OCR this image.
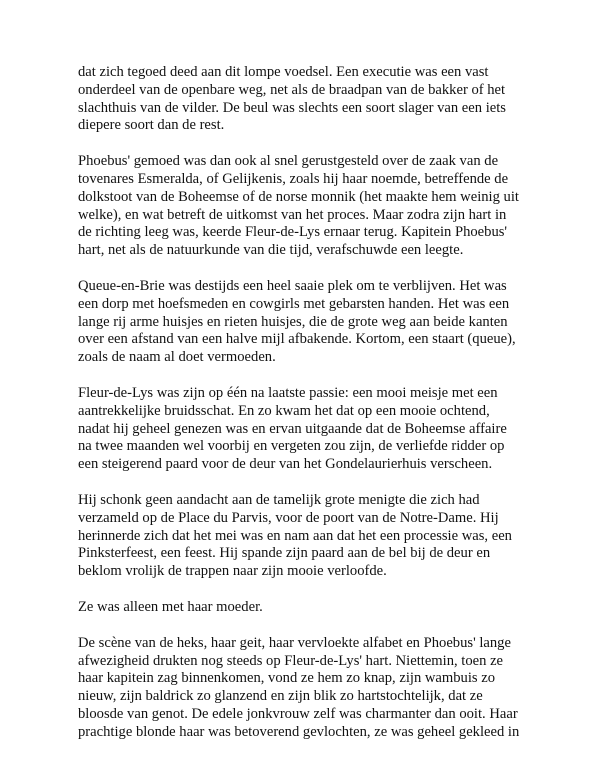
dat zich tegoed deed aan dit lompe voedsel. Een executie was een vast
onderdeel van de openbare weg, net als de braadpan van de bakker of het
slachthuis van de vilder. De beul was slechts een soort slager van een iets
diepere soort dan de rest.

Phoebus' gemoed was dan ook al snel gerustgesteld over de zaak van de
tovenares Esmeralda, of Gelijkenis, zoals hij haar noemde, betreffende de
dolkstoot van de Boheemse of de norse monnik (het maakte hem weinig uit
welke), en wat betreft de uitkomst van het proces. Maar zodra zijn hart in
de richting leeg was, keerde Fleur-de-Lys ernaar terug. Kapitein Phoebus'
hart, net als de natuurkunde van die tijd, verafschuwde een leegte.

Queue-en-Brie was destijds een heel saaie plek om te verblijven. Het was
een dorp met hoefsmeden en cowgirls met gebarsten handen. Het was een
lange rij arme huisjes en rieten huisjes, die de grote weg aan beide kanten
over een afstand van een halve mijl afbakende. Kortom, een staart (queue),
zoals de naam al doet vermoeden.

Fleur-de-Lys was zijn op één na laatste passie: een mooi meisje met een
aantrekkelijke bruidsschat. En zo kwam het dat op een mooie ochtend,
nadat hij geheel genezen was en ervan uitgaande dat de Boheemse affaire
na twee maanden wel voorbij en vergeten zou zijn, de verliefde ridder op
een steigerend paard voor de deur van het Gondelaurierhuis verscheen.

Hij schonk geen aandacht aan de tamelijk grote menigte die zich had
verzameld op de Place du Parvis, voor de poort van de Notre-Dame. Hij
herinnerde zich dat het mei was en nam aan dat het een processie was, een
Pinksterfeest, een feest. Hij spande zijn paard aan de bel bij de deur en
beklom vrolijk de trappen naar zijn mooie verloofde.

Ze was alleen met haar moeder.

De scène van de heks, haar geit, haar vervloekte alfabet en Phoebus' lange
afwezigheid drukten nog steeds op Fleur-de-Lys' hart. Niettemin, toen ze
haar kapitein zag binnenkomen, vond ze hem zo knap, zijn wambuis zo
nieuw, zijn baldrick zo glanzend en zijn blik zo hartstochtelijk, dat ze
bloosde van genot. De edele jonkvrouw zelf was charmanter dan ooit. Haar
prachtige blonde haar was betoverend gevlochten, ze was geheel gekleed in
